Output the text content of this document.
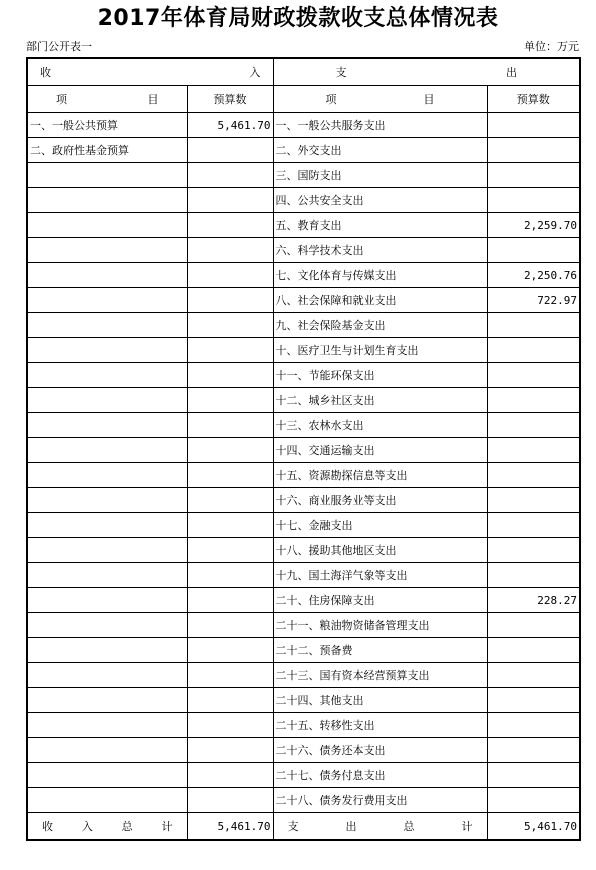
2017年体育局财政拨款收支总体情况表
部门公开表一	单位：万元
收 入		支 出	

项 目	预算数	项 目	预算数
一、一般公共预算	5,461.70	一、一般公共服务支出	
二、政府性基金预算		二、外交支出	
		三、国防支出	
		四、公共安全支出	
		五、教育支出	2,259.70
		六、科学技术支出	
		七、文化体育与传媒支出	2,250.76
		八、社会保障和就业支出	722.97
		九、社会保险基金支出	
		十、医疗卫生与计划生育支出	
		十一、节能环保支出	
		十二、城乡社区支出	
		十三、农林水支出	
		十四、交通运输支出	
		十五、资源勘探信息等支出	
		十六、商业服务业等支出	
		十七、金融支出	
		十八、援助其他地区支出	
		十九、国土海洋气象等支出	
		二十、住房保障支出	228.27
		二十一、粮油物资储备管理支出	
		二十二、预备费	
		二十三、国有资本经营预算支出	
		二十四、其他支出	
		二十五、转移性支出	
		二十六、债务还本支出	
		二十七、债务付息支出	
		二十八、债务发行费用支出	

收 入 总 计	5,461.70	支 出 总 计	5,461.70
